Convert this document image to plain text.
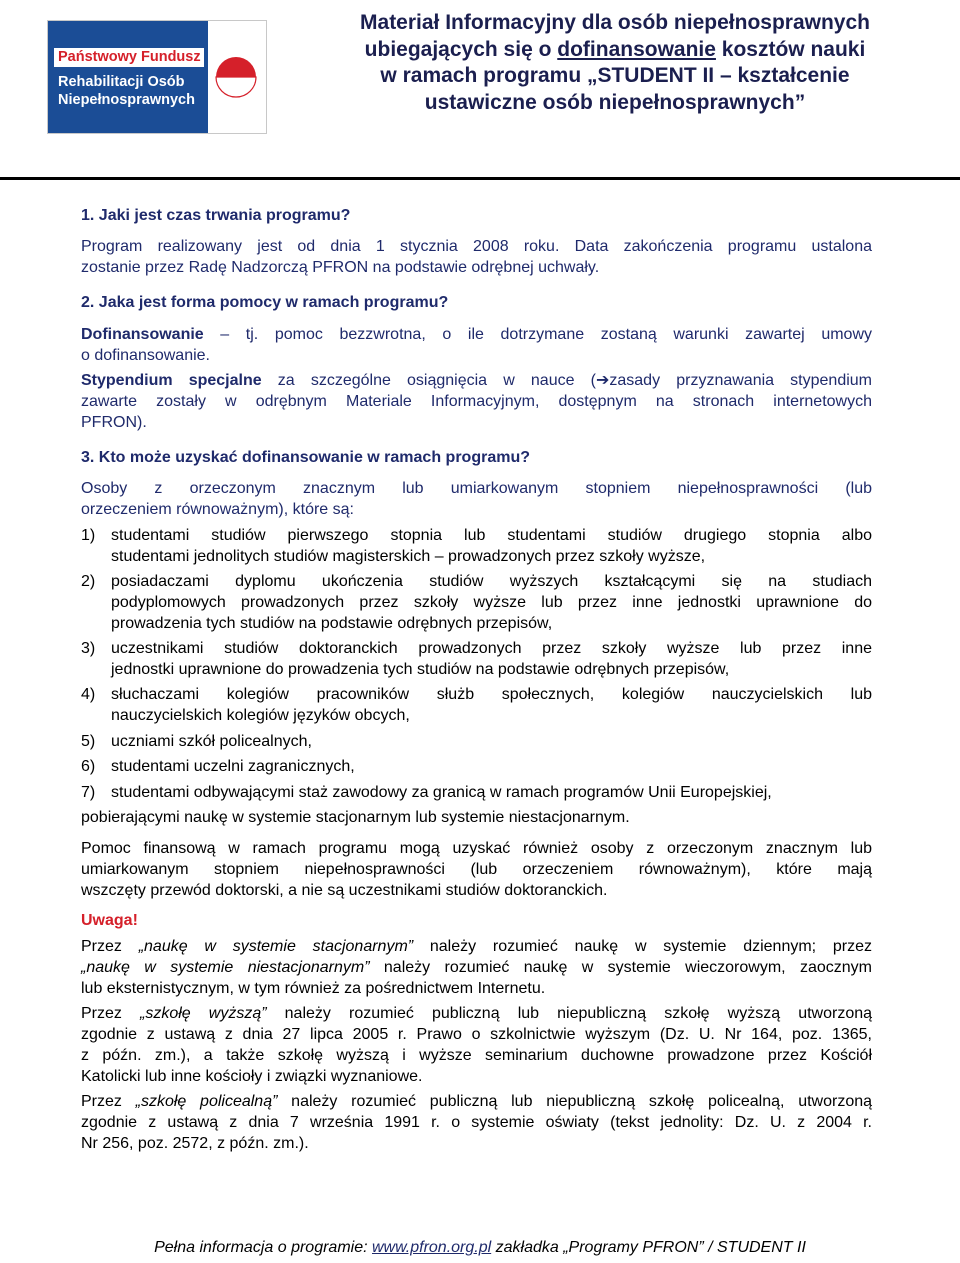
Państwowy Fundusz
Rehabilitacji Osób
Niepełnosprawnych
Materiał Informacyjny dla osób niepełnosprawnych
ubiegających się o dofinansowanie kosztów nauki
w ramach programu „STUDENT II – kształcenie
ustawiczne osób niepełnosprawnych”
1. Jaki jest czas trwania programu?
Program realizowany jest od dnia 1 stycznia 2008 roku. Data zakończenia programu ustalona
zostanie przez Radę Nadzorczą PFRON na podstawie odrębnej uchwały.
2. Jaka jest forma pomocy w ramach programu?
Dofinansowanie – tj. pomoc bezzwrotna, o ile dotrzymane zostaną warunki zawartej umowy
o dofinansowanie.
Stypendium specjalne za szczególne osiągnięcia w nauce (➔zasady przyznawania stypendium
zawarte zostały w odrębnym Materiale Informacyjnym, dostępnym na stronach internetowych
PFRON).
3. Kto może uzyskać dofinansowanie w ramach programu?
Osoby z orzeczonym znacznym lub umiarkowanym stopniem niepełnosprawności (lub
orzeczeniem równoważnym), które są:
1) studentami studiów pierwszego stopnia lub studentami studiów drugiego stopnia albo
studentami jednolitych studiów magisterskich – prowadzonych przez szkoły wyższe,
2) posiadaczami dyplomu ukończenia studiów wyższych kształcącymi się na studiach
podyplomowych prowadzonych przez szkoły wyższe lub przez inne jednostki uprawnione do
prowadzenia tych studiów na podstawie odrębnych przepisów,
3) uczestnikami studiów doktoranckich prowadzonych przez szkoły wyższe lub przez inne
jednostki uprawnione do prowadzenia tych studiów na podstawie odrębnych przepisów,
4) słuchaczami kolegiów pracowników służb społecznych, kolegiów nauczycielskich lub
nauczycielskich kolegiów języków obcych,
5) uczniami szkół policealnych,
6) studentami uczelni zagranicznych,
7) studentami odbywającymi staż zawodowy za granicą w ramach programów Unii Europejskiej,
pobierającymi naukę w systemie stacjonarnym lub systemie niestacjonarnym.
Pomoc finansową w ramach programu mogą uzyskać również osoby z orzeczonym znacznym lub
umiarkowanym stopniem niepełnosprawności (lub orzeczeniem równoważnym), które mają
wszczęty przewód doktorski, a nie są uczestnikami studiów doktoranckich.
Uwaga!
Przez „naukę w systemie stacjonarnym” należy rozumieć naukę w systemie dziennym; przez
„naukę w systemie niestacjonarnym” należy rozumieć naukę w systemie wieczorowym, zaocznym
lub eksternistycznym, w tym również za pośrednictwem Internetu.
Przez „szkołę wyższą” należy rozumieć publiczną lub niepubliczną szkołę wyższą utworzoną
zgodnie z ustawą z dnia 27 lipca 2005 r. Prawo o szkolnictwie wyższym (Dz. U. Nr 164, poz. 1365,
z późn. zm.), a także szkołę wyższą i wyższe seminarium duchowne prowadzone przez Kościół
Katolicki lub inne kościoły i związki wyznaniowe.
Przez „szkołę policealną” należy rozumieć publiczną lub niepubliczną szkołę policealną, utworzoną
zgodnie z ustawą z dnia 7 września 1991 r. o systemie oświaty (tekst jednolity: Dz. U. z 2004 r.
Nr 256, poz. 2572, z późn. zm.).
Pełna informacja o programie: www.pfron.org.pl zakładka „Programy PFRON” / STUDENT II
